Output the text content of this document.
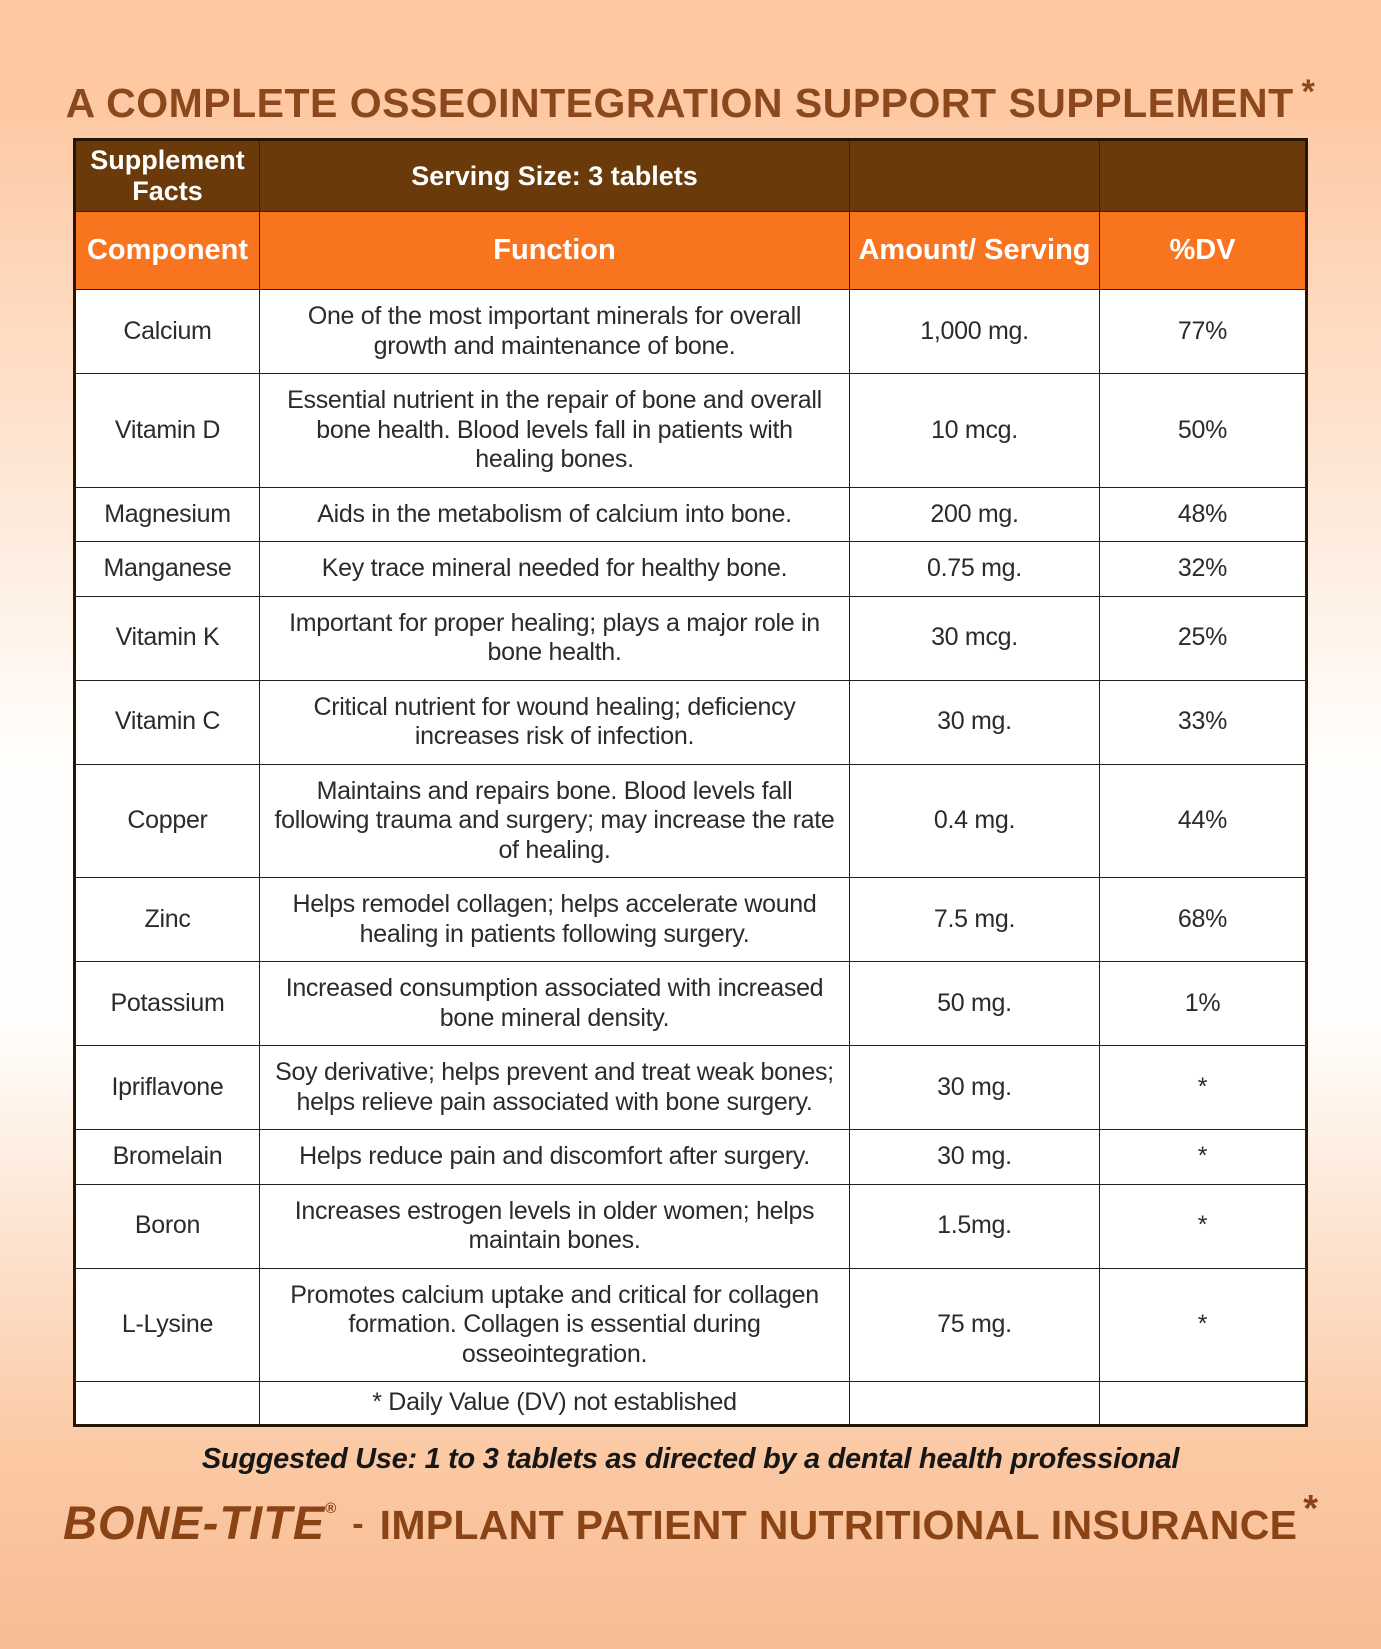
A COMPLETE OSSEOINTEGRATION SUPPORT SUPPLEMENT *
Supplement Facts	Serving Size: 3 tablets		
Component	Function	Amount/ Serving	%DV
Calcium	One of the most important minerals for overall growth and maintenance of bone.	1,000 mg.	77%
Vitamin D	Essential nutrient in the repair of bone and overall bone health. Blood levels fall in patients with healing bones.	10 mcg.	50%
Magnesium	Aids in the metabolism of calcium into bone.	200 mg.	48%
Manganese	Key trace mineral needed for healthy bone.	0.75 mg.	32%
Vitamin K	Important for proper healing; plays a major role in bone health.	30 mcg.	25%
Vitamin C	Critical nutrient for wound healing; deficiency increases risk of infection.	30 mg.	33%
Copper	Maintains and repairs bone. Blood levels fall following trauma and surgery; may increase the rate of healing.	0.4 mg.	44%
Zinc	Helps remodel collagen; helps accelerate wound healing in patients following surgery.	7.5 mg.	68%
Potassium	Increased consumption associated with increased bone mineral density.	50 mg.	1%
Ipriflavone	Soy derivative; helps prevent and treat weak bones; helps relieve pain associated with bone surgery.	30 mg.	*
Bromelain	Helps reduce pain and discomfort after surgery.	30 mg.	*
Boron	Increases estrogen levels in older women; helps maintain bones.	1.5mg.	*
L-Lysine	Promotes calcium uptake and critical for collagen formation. Collagen is essential during osseointegration.	75 mg.	*
	* Daily Value (DV) not established		
Suggested Use: 1 to 3 tablets as directed by a dental health professional
BONE-TITE® - IMPLANT PATIENT NUTRITIONAL INSURANCE *
